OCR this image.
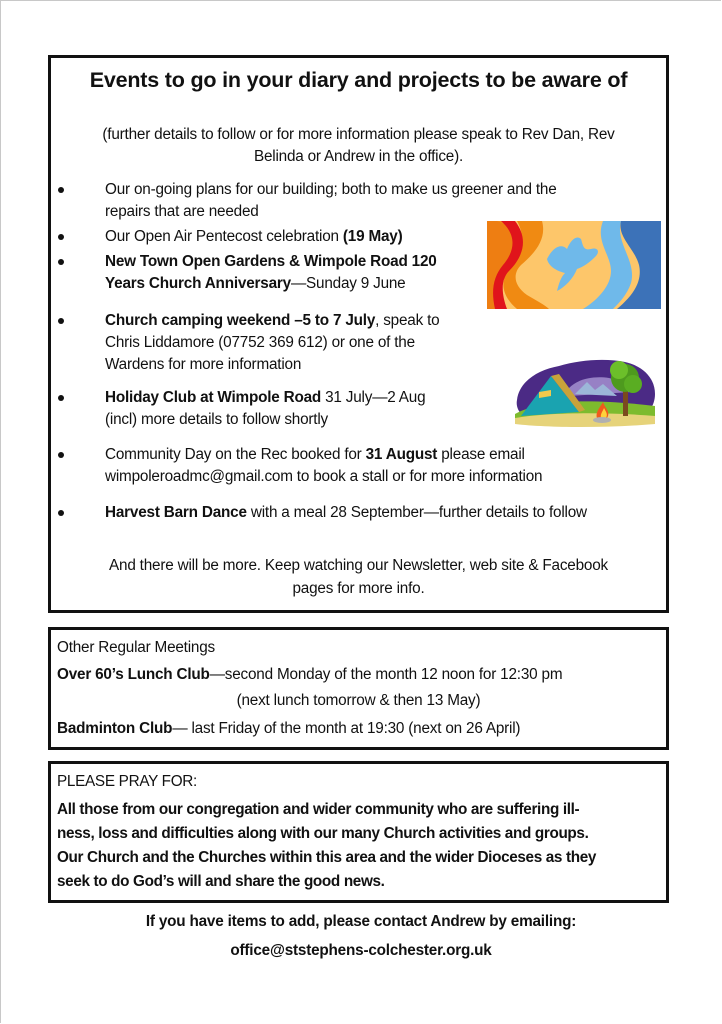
Events to go in your diary and projects to be aware of
(further details to follow or for more information please speak to Rev Dan, Rev
Belinda or Andrew in the office).
Our on-going plans for our building; both to make us greener and the
repairs that are needed
Our Open Air Pentecost celebration (19 May)
New Town Open Gardens & Wimpole Road 120
Years Church Anniversary—Sunday 9 June
Church camping weekend –5 to 7 July, speak to
Chris Liddamore (07752 369 612) or one of the
Wardens for more information
Holiday Club at Wimpole Road 31 July—2 Aug
(incl) more details to follow shortly
Community Day on the Rec booked for 31 August please email
wimpoleroadmc@gmail.com to book a stall or for more information
Harvest Barn Dance with a meal 28 September—further details to follow
And there will be more. Keep watching our Newsletter, web site & Facebook
pages for more info.
Other Regular Meetings
Over 60’s Lunch Club—second Monday of the month 12 noon for 12:30 pm
(next lunch tomorrow & then 13 May)
Badminton Club— last Friday of the month at 19:30 (next on 26 April)
PLEASE PRAY FOR:
All those from our congregation and wider community who are suffering ill-
ness, loss and difficulties along with our many Church activities and groups.
Our Church and the Churches within this area and the wider Dioceses as they
seek to do God’s will and share the good news.
If you have items to add, please contact Andrew by emailing:
office@ststephens-colchester.org.uk
